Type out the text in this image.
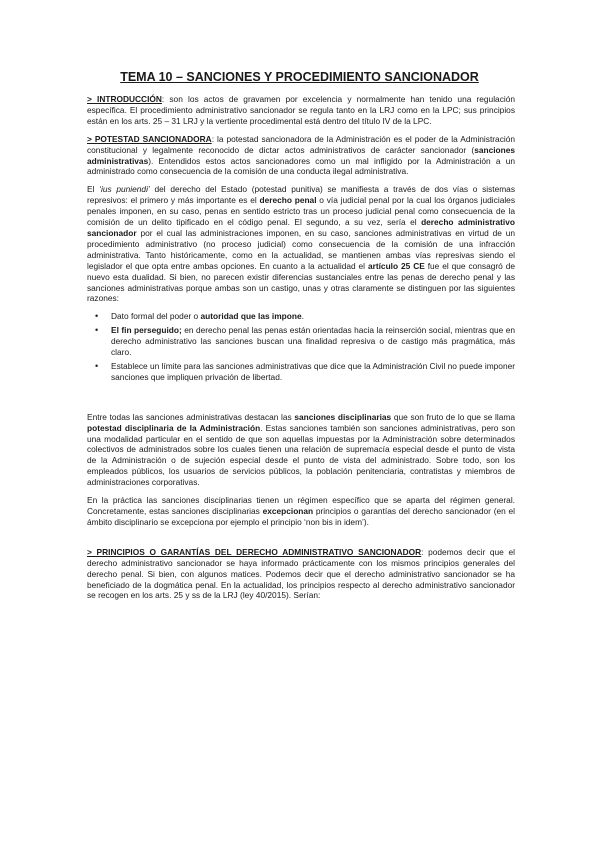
TEMA 10 – SANCIONES Y PROCEDIMIENTO SANCIONADOR

> INTRODUCCIÓN: son los actos de gravamen por excelencia y normalmente han tenido una regulación específica. El procedimiento administrativo sancionador se regula tanto en la LRJ como en la LPC; sus principios están en los arts. 25 – 31 LRJ y la vertiente procedimental está dentro del título IV de la LPC.

> POTESTAD SANCIONADORA: la potestad sancionadora de la Administración es el poder de la Administración constitucional y legalmente reconocido de dictar actos administrativos de carácter sancionador (sanciones administrativas). Entendidos estos actos sancionadores como un mal infligido por la Administración a un administrado como consecuencia de la comisión de una conducta ilegal administrativa.

El ‘ius puniendi’ del derecho del Estado (potestad punitiva) se manifiesta a través de dos vías o sistemas represivos: el primero y más importante es el derecho penal o vía judicial penal por la cual los órganos judiciales penales imponen, en su caso, penas en sentido estricto tras un proceso judicial penal como consecuencia de la comisión de un delito tipificado en el código penal. El segundo, a su vez, sería el derecho administrativo sancionador por el cual las administraciones imponen, en su caso, sanciones administrativas en virtud de un procedimiento administrativo (no proceso judicial) como consecuencia de la comisión de una infracción administrativa. Tanto históricamente, como en la actualidad, se mantienen ambas vías represivas siendo el legislador el que opta entre ambas opciones. En cuanto a la actualidad el artículo 25 CE fue el que consagró de nuevo esta dualidad. Si bien, no parecen existir diferencias sustanciales entre las penas de derecho penal y las sanciones administrativas porque ambas son un castigo, unas y otras claramente se distinguen por las siguientes razones:

• Dato formal del poder o autoridad que las impone.
• El fin perseguido; en derecho penal las penas están orientadas hacia la reinserción social, mientras que en derecho administrativo las sanciones buscan una finalidad represiva o de castigo más pragmática, más claro.
• Establece un límite para las sanciones administrativas que dice que la Administración Civil no puede imponer sanciones que impliquen privación de libertad.

Entre todas las sanciones administrativas destacan las sanciones disciplinarias que son fruto de lo que se llama potestad disciplinaria de la Administración. Estas sanciones también son sanciones administrativas, pero son una modalidad particular en el sentido de que son aquellas impuestas por la Administración sobre determinados colectivos de administrados sobre los cuales tienen una relación de supremacía especial desde el punto de vista de la Administración o de sujeción especial desde el punto de vista del administrado. Sobre todo, son los empleados públicos, los usuarios de servicios públicos, la población penitenciaria, contratistas y miembros de administraciones corporativas.

En la práctica las sanciones disciplinarias tienen un régimen específico que se aparta del régimen general. Concretamente, estas sanciones disciplinarias excepcionan principios o garantías del derecho sancionador (en el ámbito disciplinario se excepciona por ejemplo el principio ‘non bis in idem’).

> PRINCIPIOS O GARANTÍAS DEL DERECHO ADMINISTRATIVO SANCIONADOR: podemos decir que el derecho administrativo sancionador se haya informado prácticamente con los mismos principios generales del derecho penal. Si bien, con algunos matices. Podemos decir que el derecho administrativo sancionador se ha beneficiado de la dogmática penal. En la actualidad, los principios respecto al derecho administrativo sancionador se recogen en los arts. 25 y ss de la LRJ (ley 40/2015). Serían:
